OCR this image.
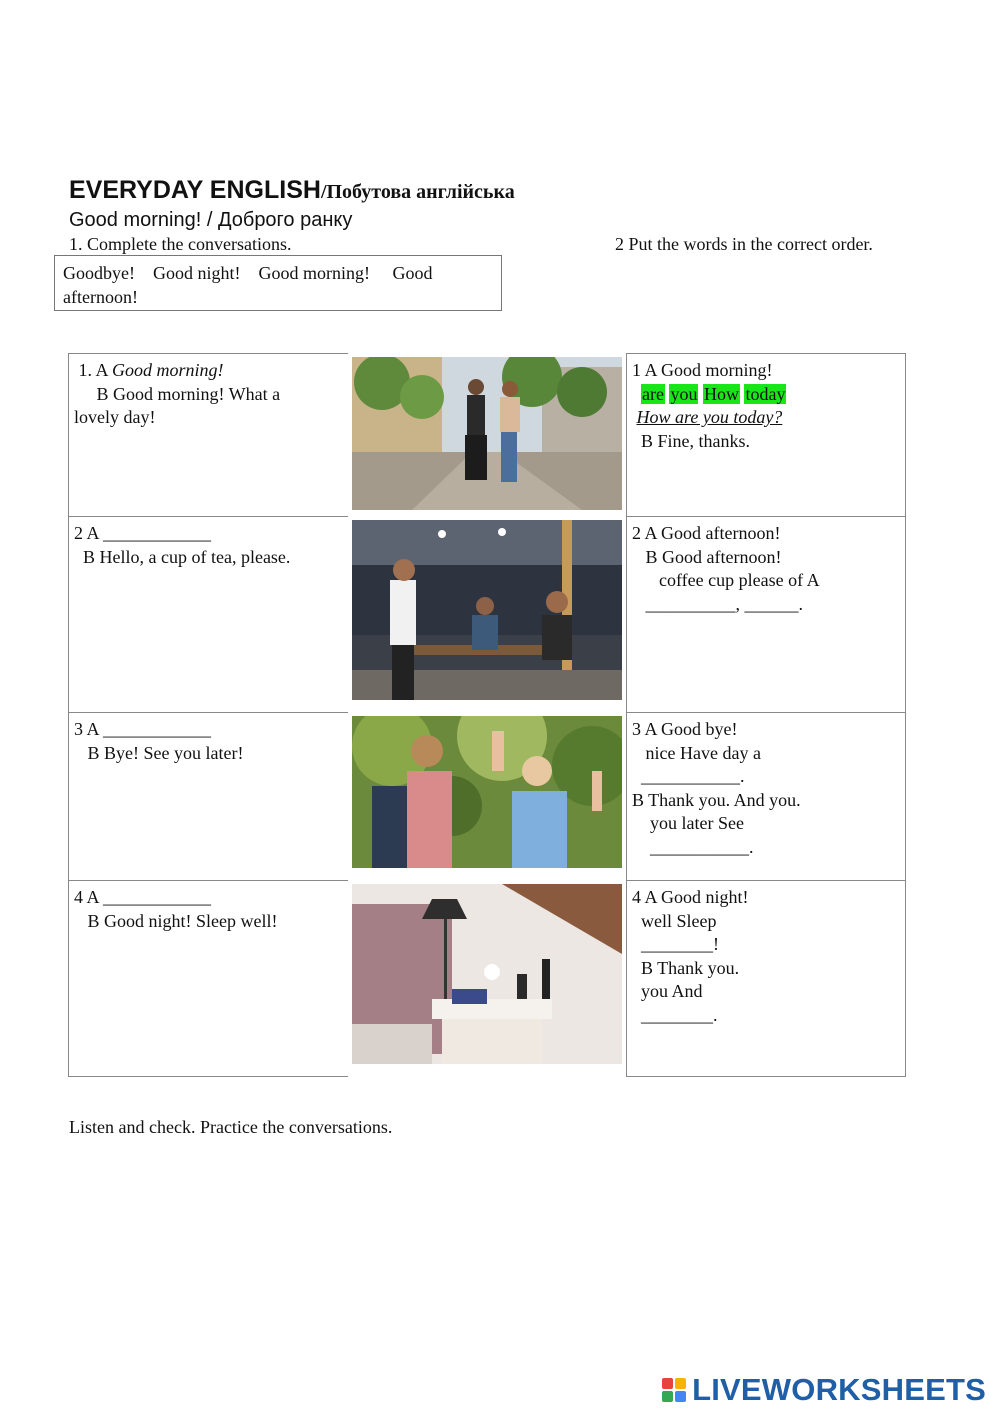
EVERYDAY ENGLISH/Побутова англійська
Good morning! / Доброго ранку
1. Complete the conversations.	2 Put the words in the correct order.
Goodbye! Good night! Good morning! Good
afternoon!
1. A Good morning!
B Good morning! What a
lovely day!
2 A ____________
B Hello, a cup of tea, please.
3 A ____________
B Bye! See you later!
4 A ____________
B Good night! Sleep well!
1 A Good morning!
are you How today
How are you today?
B Fine, thanks.
2 A Good afternoon!
B Good afternoon!
coffee cup please of A
__________, ______.
3 A Good bye!
nice Have day a
___________.
B Thank you. And you.
you later See
___________.
4 A Good night!
well Sleep
________!
B Thank you.
you And
________.
Listen and check. Practice the conversations.
LIVEWORKSHEETS
